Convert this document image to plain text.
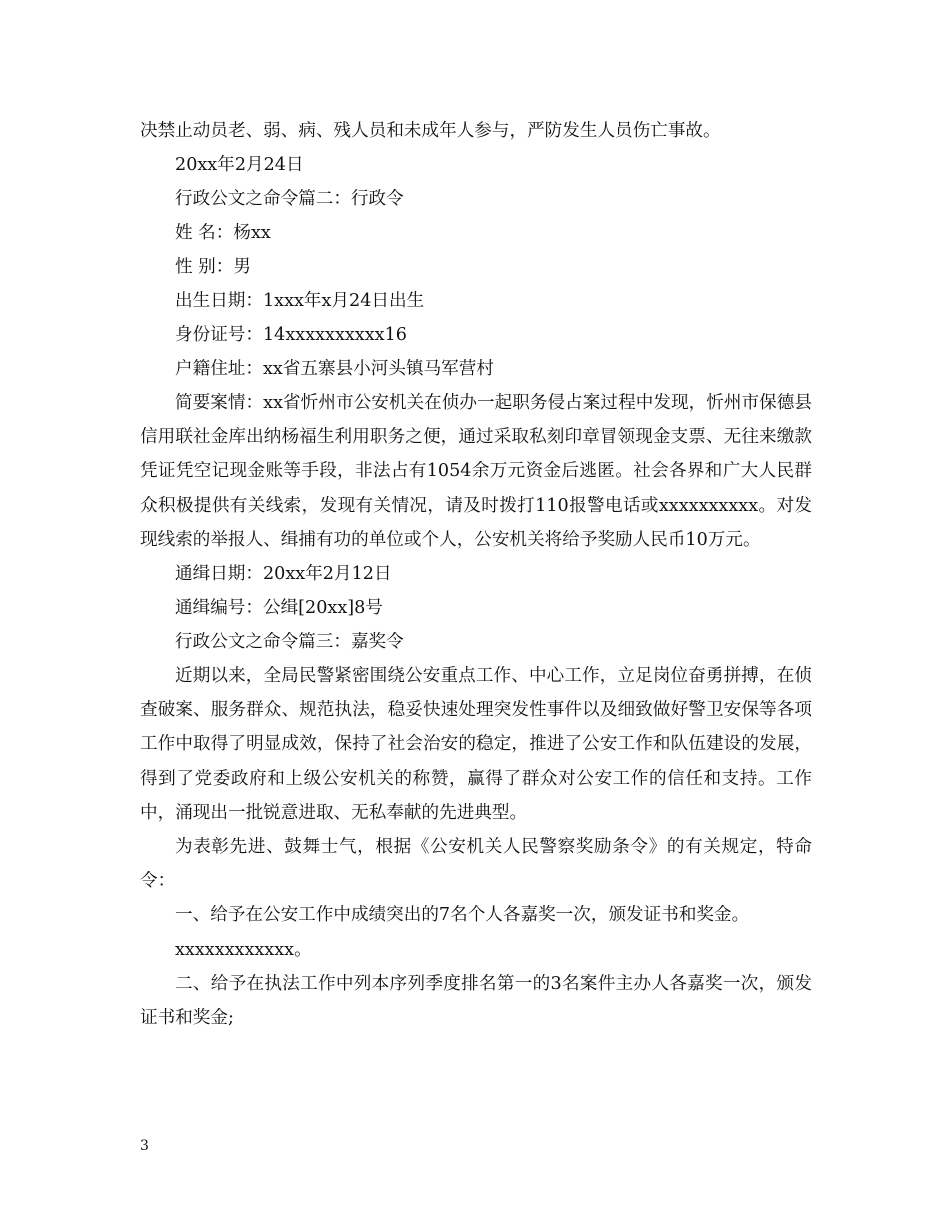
决禁止动员老、弱、病、残人员和未成年人参与，严防发生人员伤亡事故。

20xx年2月24日

行政公文之命令篇二：行政令

姓 名：杨xx

性 别：男

出生日期：1xxx年x月24日出生

身份证号：14xxxxxxxxxx16

户籍住址：xx省五寨县小河头镇马军营村

简要案情：xx省忻州市公安机关在侦办一起职务侵占案过程中发现，忻州市保德县信用联社金库出纳杨福生利用职务之便，通过采取私刻印章冒领现金支票、无往来缴款凭证凭空记现金账等手段，非法占有1054余万元资金后逃匿。社会各界和广大人民群众积极提供有关线索，发现有关情况，请及时拨打110报警电话或xxxxxxxxxx。对发现线索的举报人、缉捕有功的单位或个人，公安机关将给予奖励人民币10万元。

通缉日期：20xx年2月12日

通缉编号：公缉[20xx]8号

行政公文之命令篇三：嘉奖令

近期以来，全局民警紧密围绕公安重点工作、中心工作，立足岗位奋勇拼搏，在侦查破案、服务群众、规范执法，稳妥快速处理突发性事件以及细致做好警卫安保等各项工作中取得了明显成效，保持了社会治安的稳定，推进了公安工作和队伍建设的发展，得到了党委政府和上级公安机关的称赞，赢得了群众对公安工作的信任和支持。工作中，涌现出一批锐意进取、无私奉献的先进典型。

为表彰先进、鼓舞士气，根据《公安机关人民警察奖励条令》的有关规定，特命令：

一、给予在公安工作中成绩突出的7名个人各嘉奖一次，颁发证书和奖金。

xxxxxxxxxxxx。

二、给予在执法工作中列本序列季度排名第一的3名案件主办人各嘉奖一次，颁发证书和奖金;

3
